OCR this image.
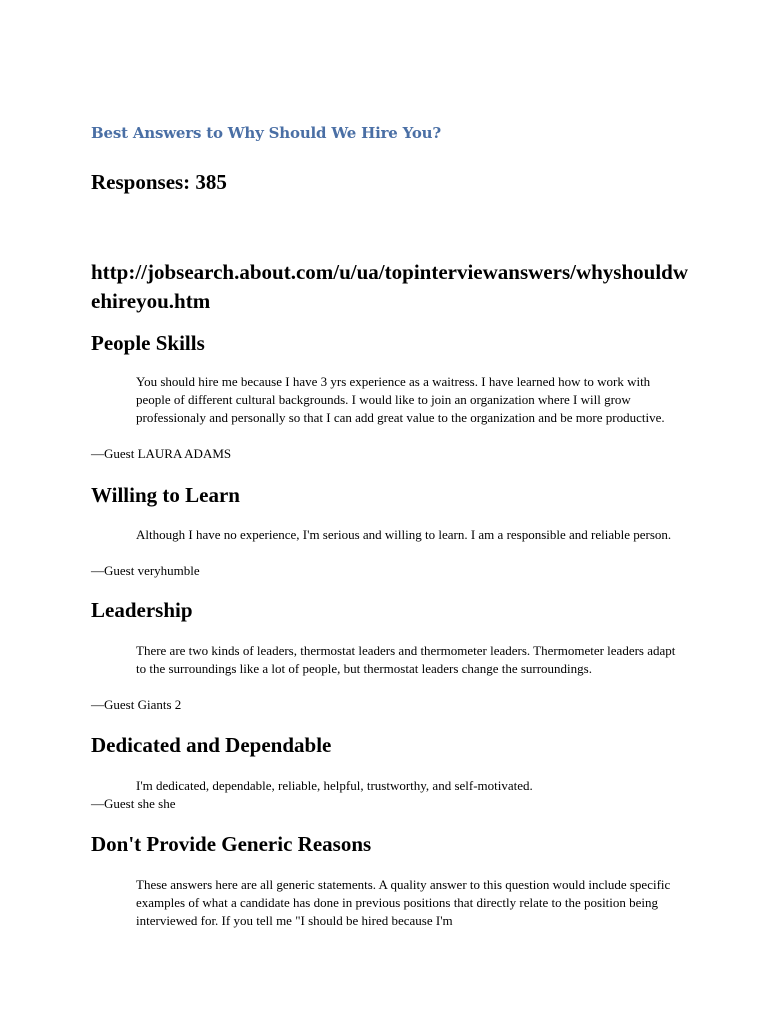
Best Answers to Why Should We Hire You?
Responses: 385
http://jobsearch.about.com/u/ua/topinterviewanswers/whyshouldwehireyou.htm
People Skills
You should hire me because I have 3 yrs experience as a waitress. I have learned how to work with people of different cultural backgrounds. I would like to join an organization where I will grow professionaly and personally so that I can add great value to the organization and be more productive.
—Guest LAURA ADAMS
Willing to Learn
Although I have no experience, I'm serious and willing to learn. I am a responsible and reliable person.
—Guest veryhumble
Leadership
There are two kinds of leaders, thermostat leaders and thermometer leaders. Thermometer leaders adapt to the surroundings like a lot of people, but thermostat leaders change the surroundings.
—Guest Giants 2
Dedicated and Dependable
I'm dedicated, dependable, reliable, helpful, trustworthy, and self-motivated.
—Guest she she
Don't Provide Generic Reasons
These answers here are all generic statements. A quality answer to this question would include specific examples of what a candidate has done in previous positions that directly relate to the position being interviewed for. If you tell me "I should be hired because I'm
